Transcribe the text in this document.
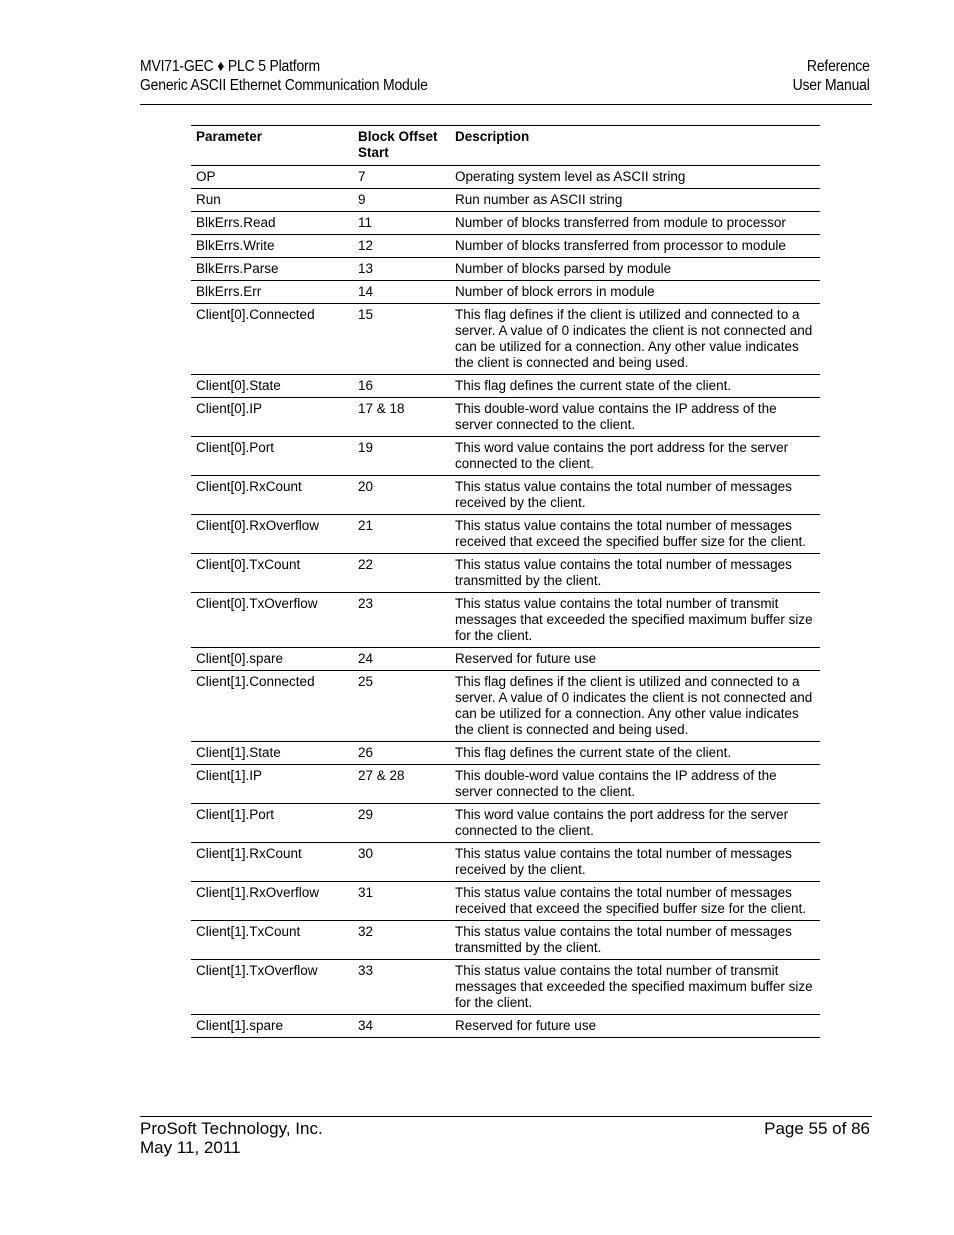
MVI71-GEC ♦ PLC 5 Platform
Generic ASCII Ethernet Communication Module
Reference
User Manual
Parameter	Block Offset Start	Description
OP	7	Operating system level as ASCII string
Run	9	Run number as ASCII string
BlkErrs.Read	11	Number of blocks transferred from module to processor
BlkErrs.Write	12	Number of blocks transferred from processor to module
BlkErrs.Parse	13	Number of blocks parsed by module
BlkErrs.Err	14	Number of block errors in module
Client[0].Connected	15	This flag defines if the client is utilized and connected to a server. A value of 0 indicates the client is not connected and can be utilized for a connection. Any other value indicates the client is connected and being used.
Client[0].State	16	This flag defines the current state of the client.
Client[0].IP	17 & 18	This double-word value contains the IP address of the server connected to the client.
Client[0].Port	19	This word value contains the port address for the server connected to the client.
Client[0].RxCount	20	This status value contains the total number of messages received by the client.
Client[0].RxOverflow	21	This status value contains the total number of messages received that exceed the specified buffer size for the client.
Client[0].TxCount	22	This status value contains the total number of messages transmitted by the client.
Client[0].TxOverflow	23	This status value contains the total number of transmit messages that exceeded the specified maximum buffer size for the client.
Client[0].spare	24	Reserved for future use
Client[1].Connected	25	This flag defines if the client is utilized and connected to a server. A value of 0 indicates the client is not connected and can be utilized for a connection. Any other value indicates the client is connected and being used.
Client[1].State	26	This flag defines the current state of the client.
Client[1].IP	27 & 28	This double-word value contains the IP address of the server connected to the client.
Client[1].Port	29	This word value contains the port address for the server connected to the client.
Client[1].RxCount	30	This status value contains the total number of messages received by the client.
Client[1].RxOverflow	31	This status value contains the total number of messages received that exceed the specified buffer size for the client.
Client[1].TxCount	32	This status value contains the total number of messages transmitted by the client.
Client[1].TxOverflow	33	This status value contains the total number of transmit messages that exceeded the specified maximum buffer size for the client.
Client[1].spare	34	Reserved for future use
ProSoft Technology, Inc.
May 11, 2011
Page 55 of 86
